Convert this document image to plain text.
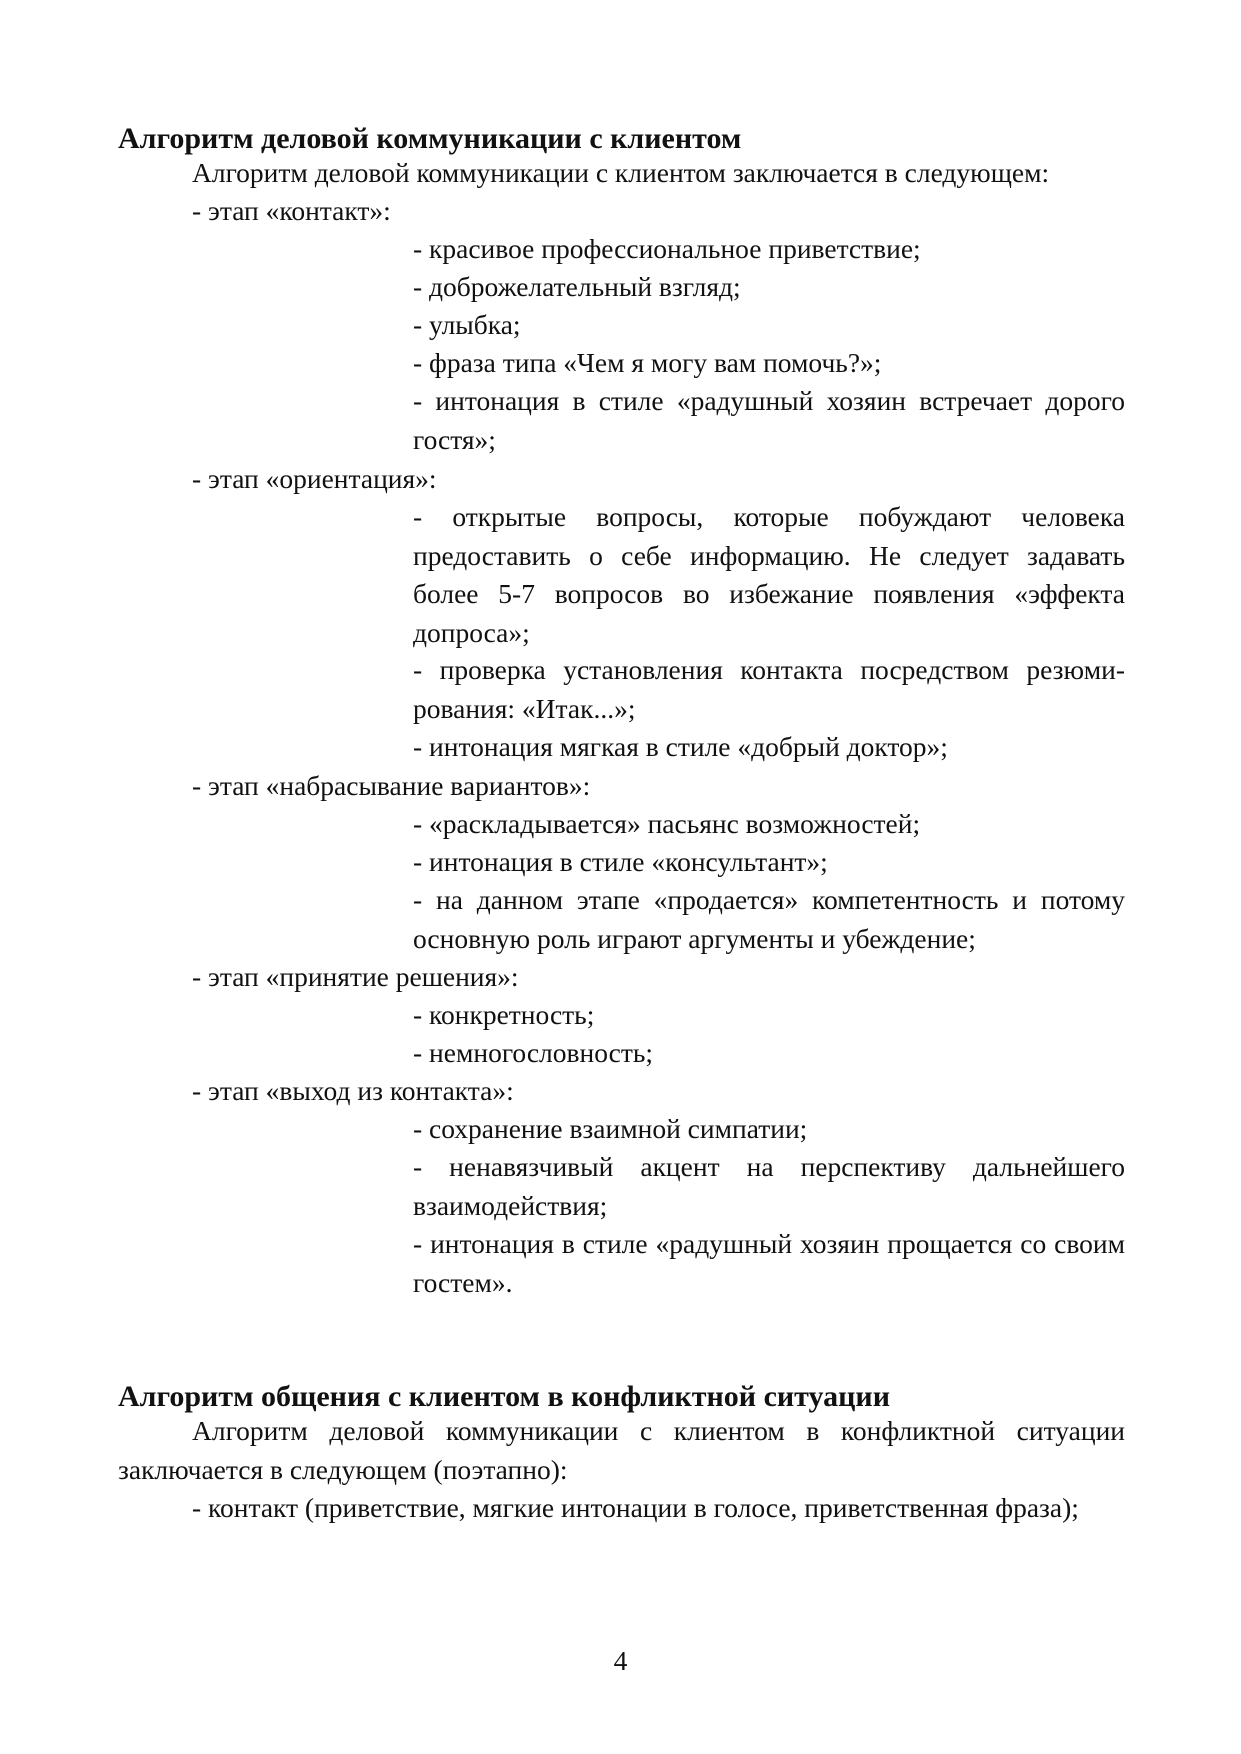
Алгоритм деловой коммуникации с клиентом

Алгоритм деловой коммуникации с клиентом заключается в следующем:

- этап «контакт»:

- красивое профессиональное приветствие;

- доброжелательный взгляд;

- улыбка;

- фраза типа «Чем я могу вам помочь?»;

- интонация в стиле «радушный хозяин встречает дорого гостя»;

- этап «ориентация»:

- открытые вопросы, которые побуждают человека предоставить о себе информацию. Не следует задавать более 5-7 вопросов во избежание появления «эффекта допроса»;

- проверка установления контакта посредством резюмирования: «Итак...»;

- интонация мягкая в стиле «добрый доктор»;

- этап «набрасывание вариантов»:

- «раскладывается» пасьянс возможностей;

- интонация в стиле «консультант»;

- на данном этапе «продается» компетентность и потому основную роль играют аргументы и убеждение;

- этап «принятие решения»:

- конкретность;

- немногословность;

- этап «выход из контакта»:

- сохранение взаимной симпатии;

- ненавязчивый акцент на перспективу дальнейшего взаимодействия;

- интонация в стиле «радушный хозяин прощается со своим гостем».

Алгоритм общения с клиентом в конфликтной ситуации

Алгоритм деловой коммуникации с клиентом в конфликтной ситуации заключается в следующем (поэтапно):

- контакт (приветствие, мягкие интонации в голосе, приветственная фраза);

4
